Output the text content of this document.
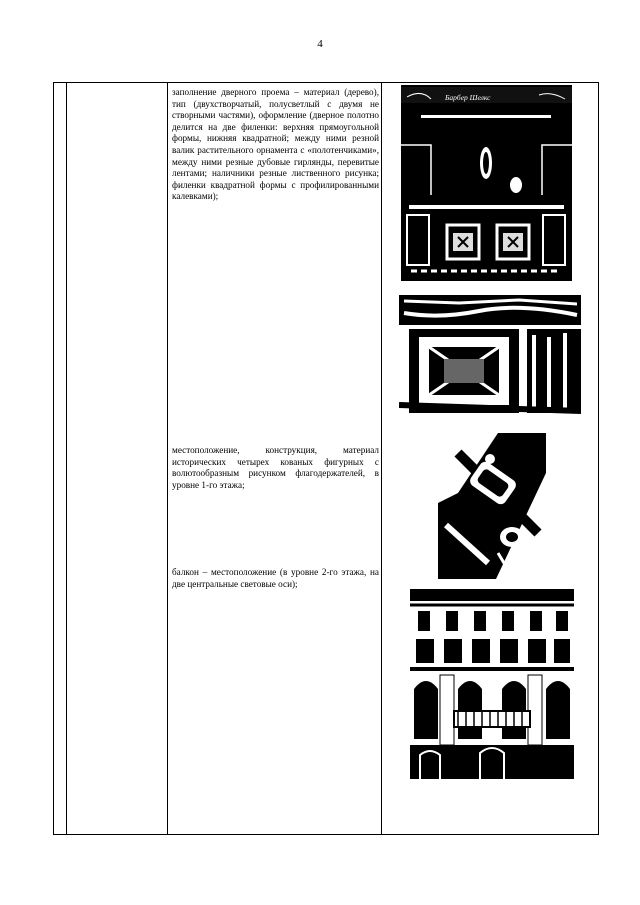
4
заполнение дверного проема – материал (дерево), тип (двухстворчатый, полусветлый с двумя не створными частями), оформление (дверное полотно делится на две филенки: верхняя прямоугольной формы, нижняя квадратной; между ними резной валик растительного орнамента с «полотенчиками», между ними резные дубовые гирлянды, перевитые лентами; наличники резные лиственного рисунка; филенки квадратной формы с профилированными калевками);
местоположение, конструкция, материал исторических четырех кованых фигурных с волютообразным рисунком флагодержателей, в уровне 1-го этажа;
балкон – местоположение (в уровне 2-го этажа, на две центральные световые оси);
Барбер Шелкс
